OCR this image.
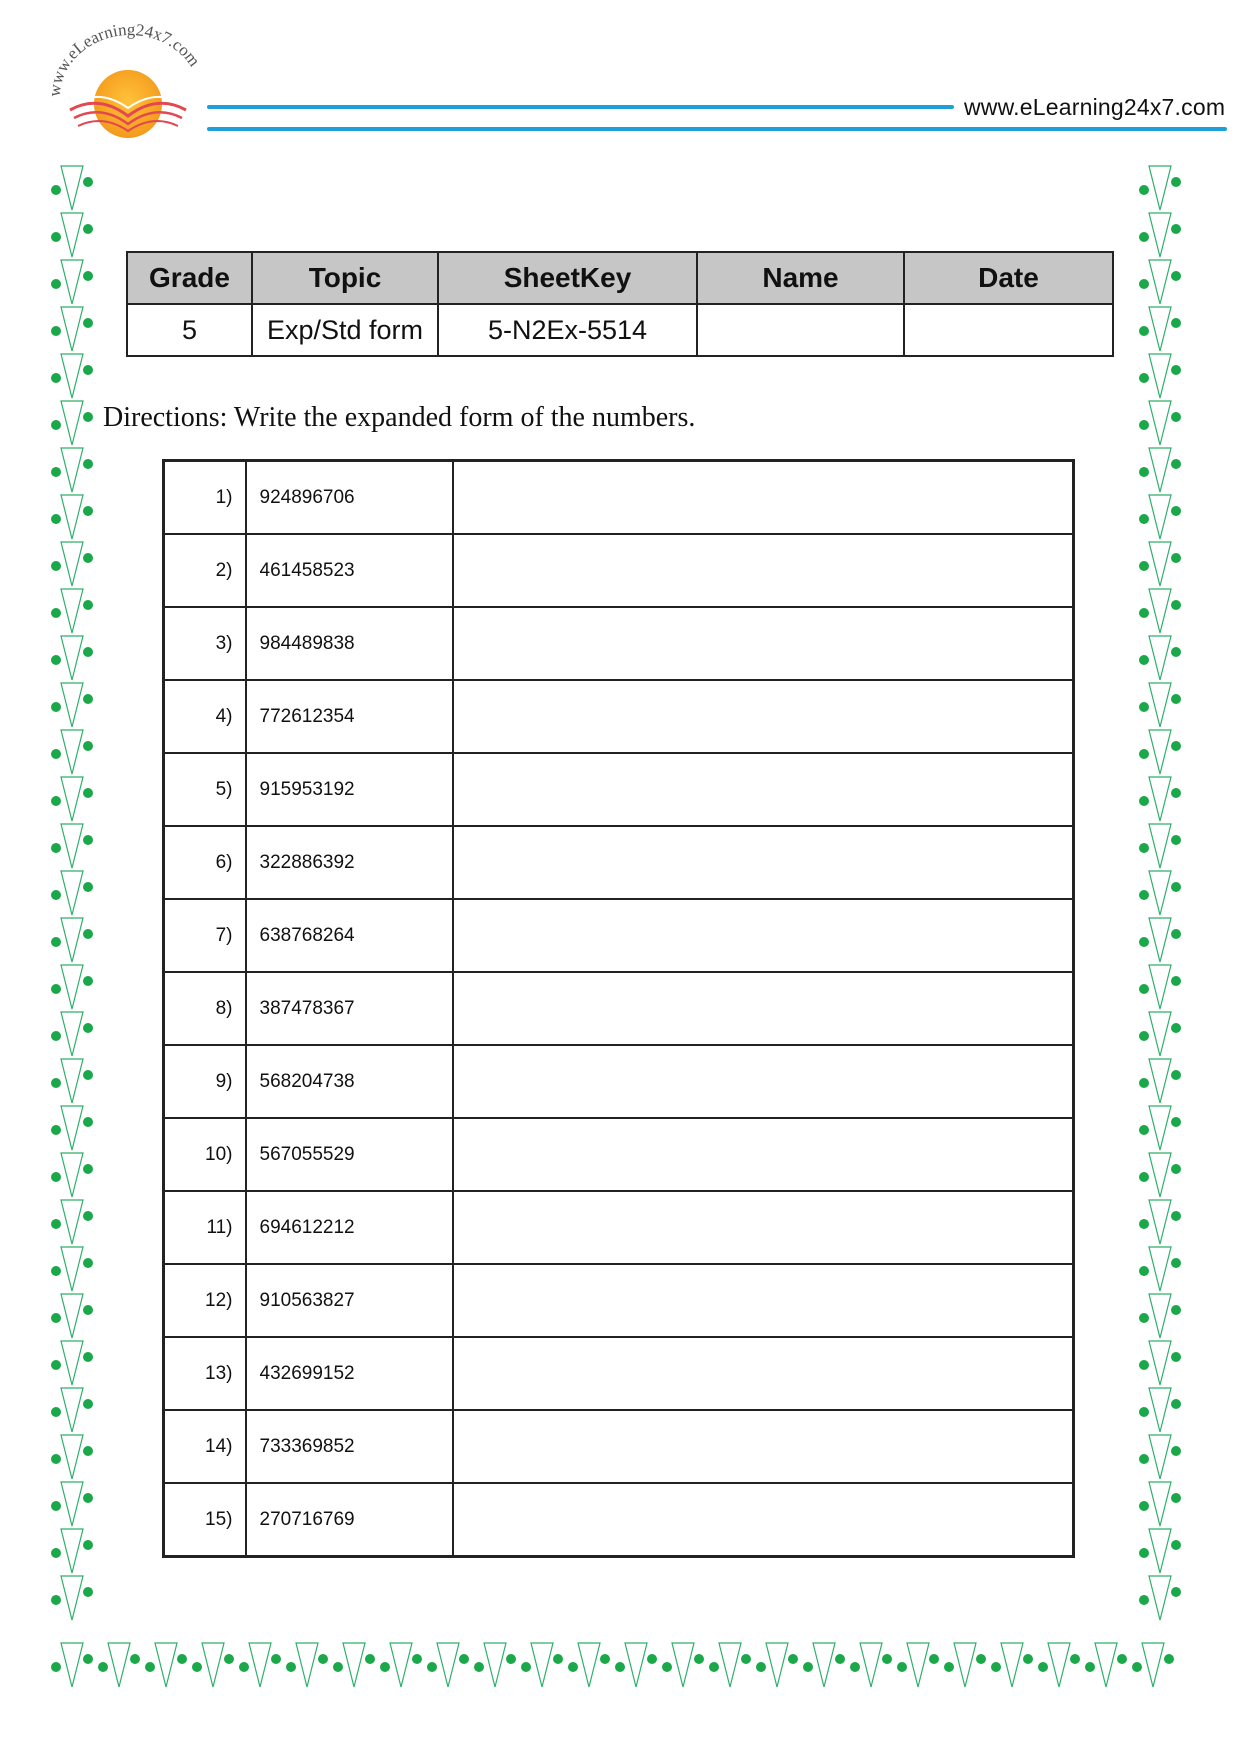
www.eLearning24x7.com
www.eLearning24x7.com
Grade	Topic	SheetKey	Name	Date
5	Exp/Std form	5-N2Ex-5514		
Directions: Write the expanded form of the numbers.
1)	924896706	
2)	461458523	
3)	984489838	
4)	772612354	
5)	915953192	
6)	322886392	
7)	638768264	
8)	387478367	
9)	568204738	
10)	567055529	
11)	694612212	
12)	910563827	
13)	432699152	
14)	733369852	
15)	270716769	
